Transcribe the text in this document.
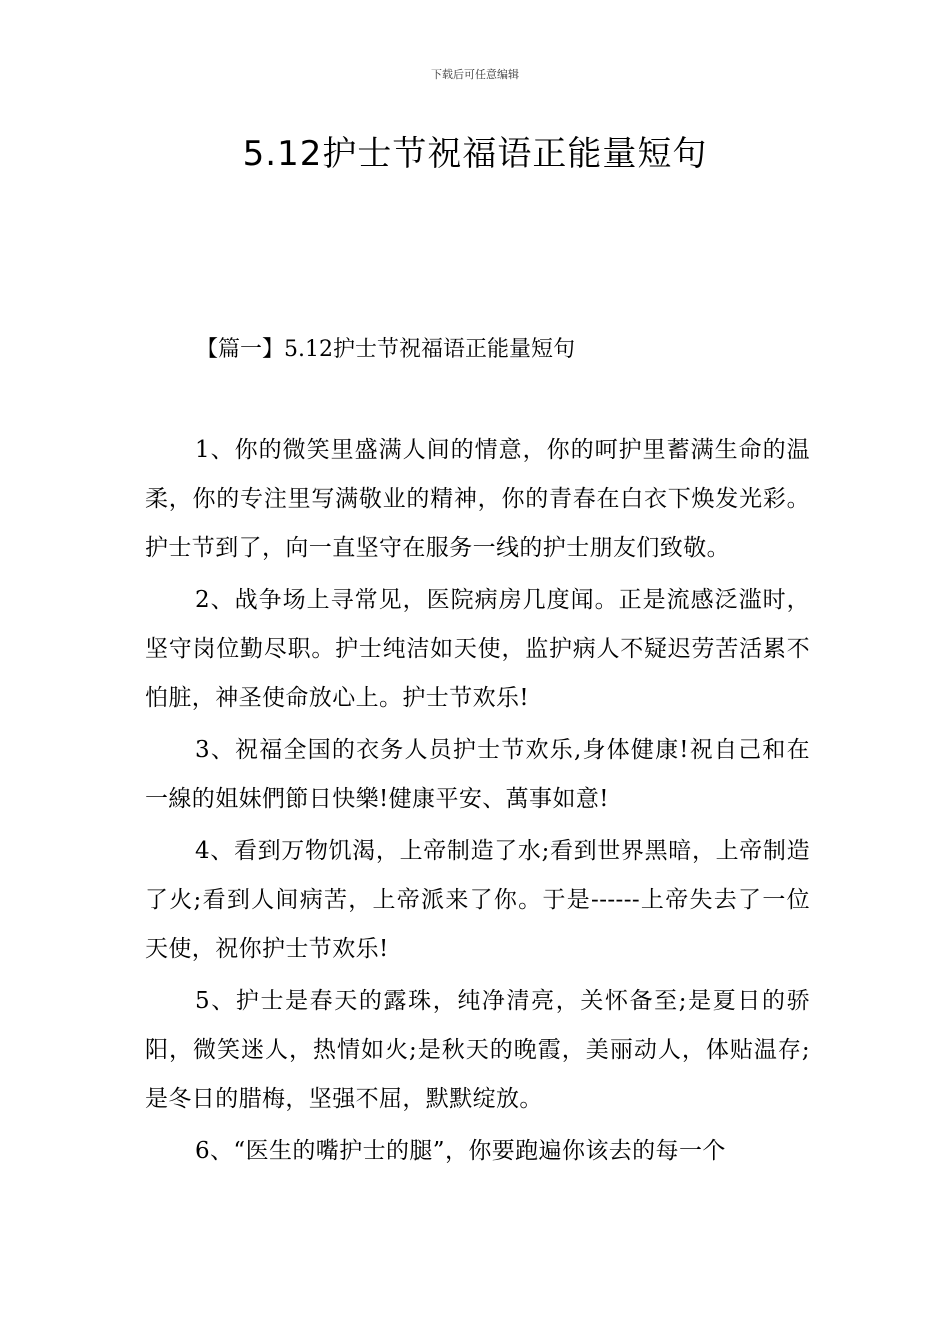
下载后可任意编辑
5.12护士节祝福语正能量短句
【篇一】5.12护士节祝福语正能量短句

1、你的微笑里盛满人间的情意，你的呵护里蓄满生命的温柔，你的专注里写满敬业的精神，你的青春在白衣下焕发光彩。护士节到了，向一直坚守在服务一线的护士朋友们致敬。

2、战争场上寻常见，医院病房几度闻。正是流感泛滥时，坚守岗位勤尽职。护士纯洁如天使，监护病人不疑迟劳苦活累不怕脏，神圣使命放心上。护士节欢乐!

3、祝福全国的衣务人员护士节欢乐,身体健康!祝自己和在一線的姐妹們節日快樂!健康平安、萬事如意!

4、看到万物饥渴，上帝制造了水;看到世界黑暗，上帝制造了火;看到人间病苦，上帝派来了你。于是------上帝失去了一位天使，祝你护士节欢乐!

5、护士是春天的露珠，纯净清亮，关怀备至;是夏日的骄阳，微笑迷人，热情如火;是秋天的晚霞，美丽动人，体贴温存;是冬日的腊梅，坚强不屈，默默绽放。

6、“医生的嘴护士的腿”，你要跑遍你该去的每一个
